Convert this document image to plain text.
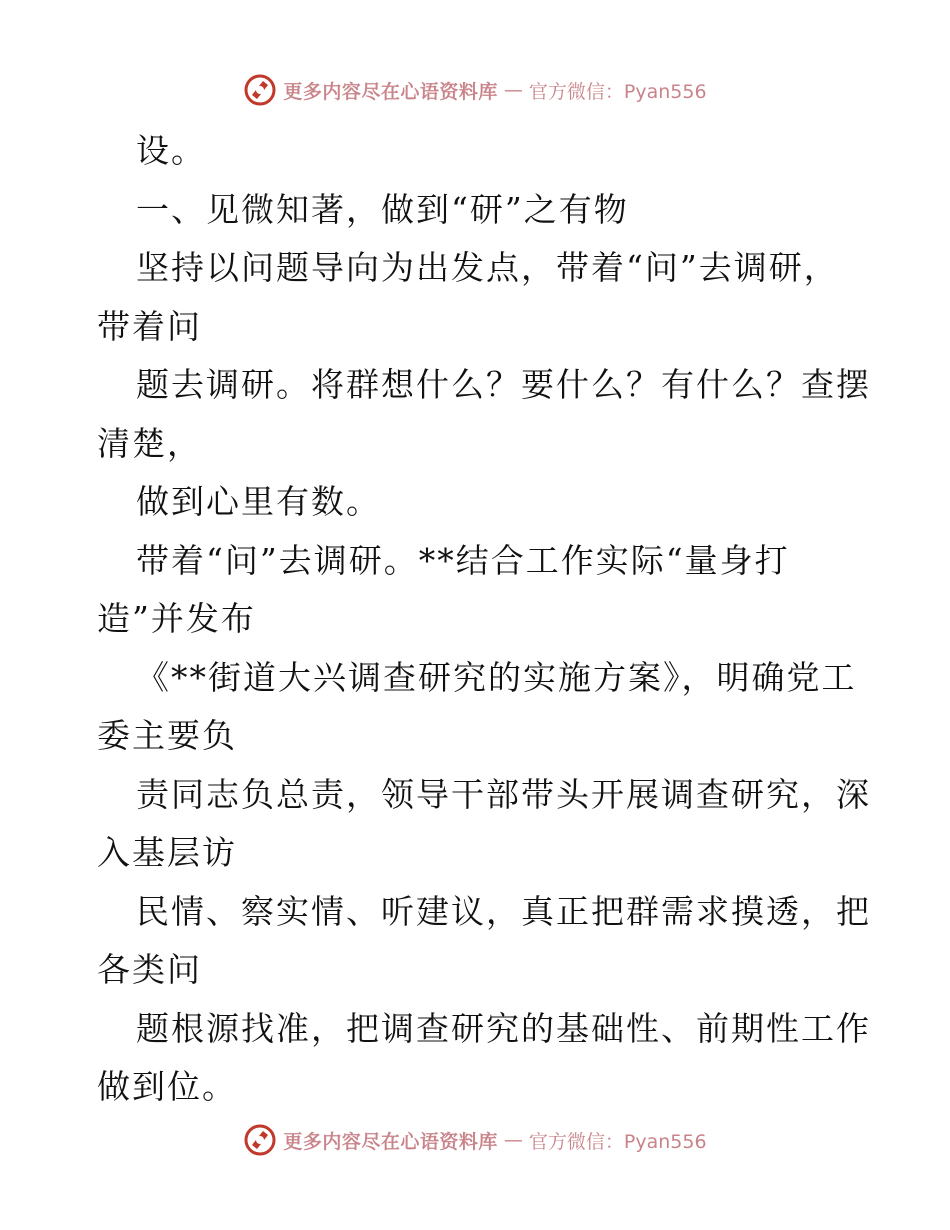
更多内容尽在心语资料库 — 官方微信：Pyan556
设。
一、见微知著，做到“研”之有物
坚持以问题导向为出发点，带着“问”去调研，
带着问
题去调研。将群想什么？要什么？有什么？查摆
清楚，
做到心里有数。
带着“问”去调研。**结合工作实际“量身打
造”并发布
《**街道大兴调查研究的实施方案》，明确党工
委主要负
责同志负总责，领导干部带头开展调查研究，深
入基层访
民情、察实情、听建议，真正把群需求摸透，把
各类问
题根源找准，把调查研究的基础性、前期性工作
做到位。
更多内容尽在心语资料库 — 官方微信：Pyan556
